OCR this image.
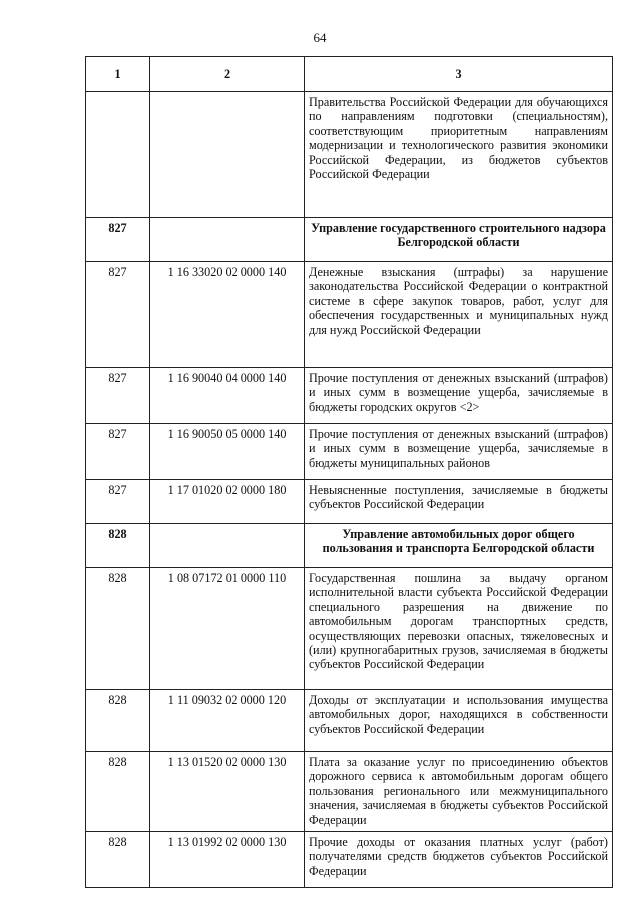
64
1	2	3
		Правительства Российской Федерации для обучающихся по направлениям подготовки (специальностям), соответствующим приоритетным направлениям модернизации и технологического развития экономики Российской Федерации, из бюджетов субъектов Российской Федерации
827		Управление государственного строительного надзора Белгородской области
827	1 16 33020 02 0000 140	Денежные взыскания (штрафы) за нарушение законодательства Российской Федерации о контрактной системе в сфере закупок товаров, работ, услуг для обеспечения государственных и муниципальных нужд для нужд Российской Федерации
827	1 16 90040 04 0000 140	Прочие поступления от денежных взысканий (штрафов) и иных сумм в возмещение ущерба, зачисляемые в бюджеты городских округов <2>
827	1 16 90050 05 0000 140	Прочие поступления от денежных взысканий (штрафов) и иных сумм в возмещение ущерба, зачисляемые в бюджеты муниципальных районов
827	1 17 01020 02 0000 180	Невыясненные поступления, зачисляемые в бюджеты субъектов Российской Федерации
828		Управление автомобильных дорог общего пользования и транспорта Белгородской области
828	1 08 07172 01 0000 110	Государственная пошлина за выдачу органом исполнительной власти субъекта Российской Федерации специального разрешения на движение по автомобильным дорогам транспортных средств, осуществляющих перевозки опасных, тяжеловесных и (или) крупногабаритных грузов, зачисляемая в бюджеты субъектов Российской Федерации
828	1 11 09032 02 0000 120	Доходы от эксплуатации и использования имущества автомобильных дорог, находящихся в собственности субъектов Российской Федерации
828	1 13 01520 02 0000 130	Плата за оказание услуг по присоединению объектов дорожного сервиса к автомобильным дорогам общего пользования регионального или межмуниципального значения, зачисляемая в бюджеты субъектов Российской Федерации
828	1 13 01992 02 0000 130	Прочие доходы от оказания платных услуг (работ) получателями средств бюджетов субъектов Российской Федерации
